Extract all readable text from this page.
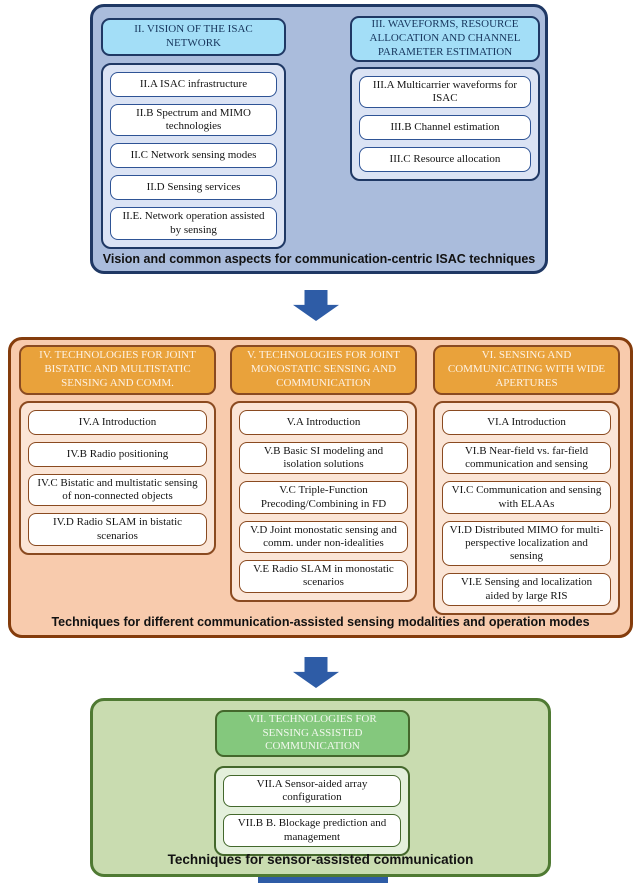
II. VISION OF THE ISAC NETWORK
II.A ISAC infrastructure
II.B Spectrum and MIMO technologies
II.C Network sensing modes
II.D Sensing services
II.E. Network operation assisted by sensing
III. WAVEFORMS, RESOURCE ALLOCATION AND CHANNEL PARAMETER ESTIMATION
III.A Multicarrier waveforms for ISAC
III.B Channel estimation
III.C Resource allocation
Vision and common aspects for communication-centric ISAC techniques
IV. TECHNOLOGIES FOR JOINT BISTATIC AND MULTISTATIC SENSING AND COMM.
IV.A Introduction
IV.B Radio positioning
IV.C Bistatic and multistatic sensing of non-connected objects
IV.D Radio SLAM in bistatic scenarios
V. TECHNOLOGIES FOR JOINT MONOSTATIC SENSING AND COMMUNICATION
V.A Introduction
V.B Basic SI modeling and isolation solutions
V.C Triple-Function Precoding/Combining in FD
V.D Joint monostatic sensing and comm. under non-idealities
V.E Radio SLAM in monostatic scenarios
VI. SENSING AND COMMUNICATING WITH WIDE APERTURES
VI.A Introduction
VI.B Near-field vs. far-field communication and sensing
VI.C Communication and sensing with ELAAs
VI.D Distributed MIMO for multi-perspective localization and sensing
VI.E Sensing and localization aided by large RIS
Techniques for different communication-assisted sensing modalities and operation modes
VII. TECHNOLOGIES FOR SENSING ASSISTED COMMUNICATION
VII.A Sensor-aided array configuration
VII.B B. Blockage prediction and management
Techniques for sensor-assisted communication
